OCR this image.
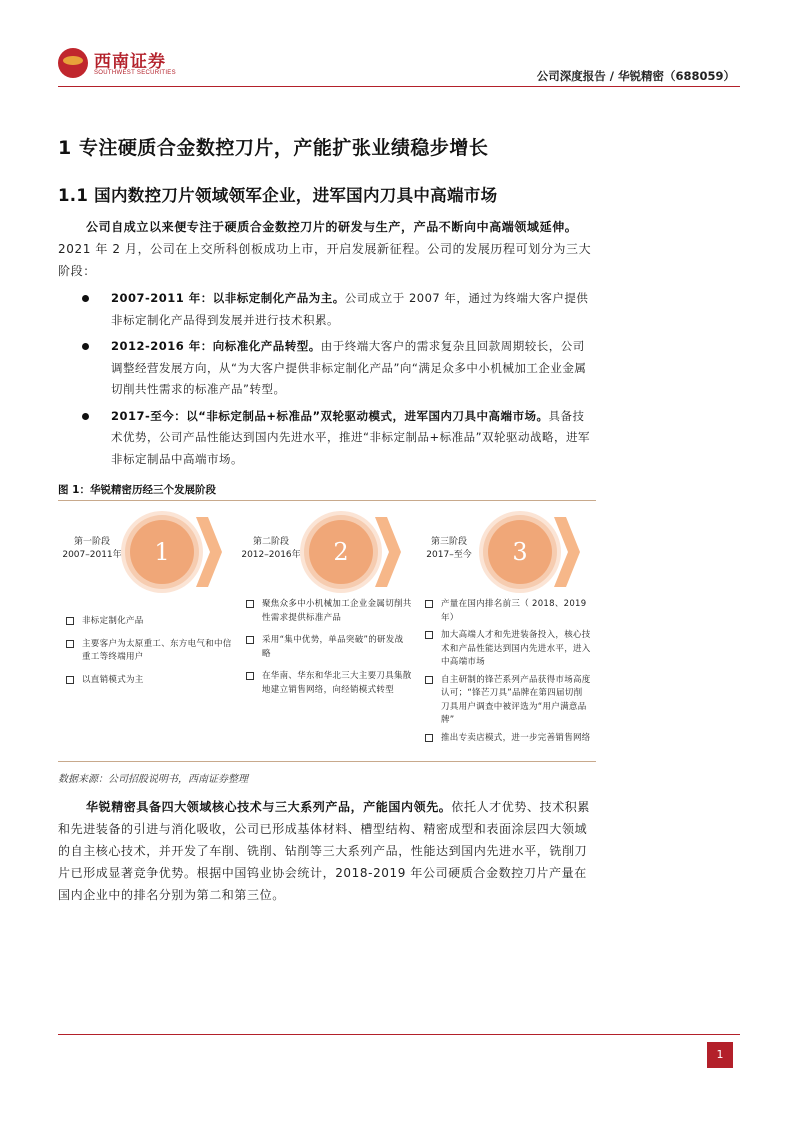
西南证券
SOUTHWEST SECURITIES	公司深度报告 / 华锐精密（688059）
1 专注硬质合金数控刀片，产能扩张业绩稳步增长
1.1 国内数控刀片领域领军企业，进军国内刀具中高端市场
公司自成立以来便专注于硬质合金数控刀片的研发与生产，产品不断向中高端领域延伸。2021 年 2 月，公司在上交所科创板成功上市，开启发展新征程。公司的发展历程可划分为三大阶段：
2007-2011 年：以非标定制化产品为主。公司成立于 2007 年，通过为终端大客户提供非标定制化产品得到发展并进行技术积累。
2012-2016 年：向标准化产品转型。由于终端大客户的需求复杂且回款周期较长，公司调整经营发展方向，从“为大客户提供非标定制化产品”向“满足众多中小机械加工企业金属切削共性需求的标准产品”转型。
2017-至今：以“非标定制品+标准品”双轮驱动模式，进军国内刀具中高端市场。具备技术优势，公司产品性能达到国内先进水平，推进“非标定制品+标准品”双轮驱动战略，进军非标定制品中高端市场。
图 1：华锐精密历经三个发展阶段
第一阶段
2007–2011年	1	第二阶段
2012–2016年	2	第三阶段
2017–至今	3
非标定制化产品
主要客户为太原重工、东方电气和中信重工等终端用户
以直销模式为主
聚焦众多中小机械加工企业金属切削共性需求提供标准产品
采用“集中优势，单品突破”的研发战略
在华南、华东和华北三大主要刀具集散地建立销售网络，向经销模式转型
产量在国内排名前三（ 2018、2019年）
加大高端人才和先进装备投入，核心技术和产品性能达到国内先进水平，进入中高端市场
自主研制的锋芒系列产品获得市场高度认可；“锋芒刀具”品牌在第四届切削刀具用户调查中被评选为“用户满意品牌”
推出专卖店模式，进一步完善销售网络
数据来源：公司招股说明书，西南证券整理
华锐精密具备四大领域核心技术与三大系列产品，产能国内领先。依托人才优势、技术积累和先进装备的引进与消化吸收，公司已形成基体材料、槽型结构、精密成型和表面涂层四大领域的自主核心技术，并开发了车削、铣削、钻削等三大系列产品，性能达到国内先进水平，铣削刀片已形成显著竞争优势。根据中国钨业协会统计，2018-2019 年公司硬质合金数控刀片产量在国内企业中的排名分别为第二和第三位。
1
